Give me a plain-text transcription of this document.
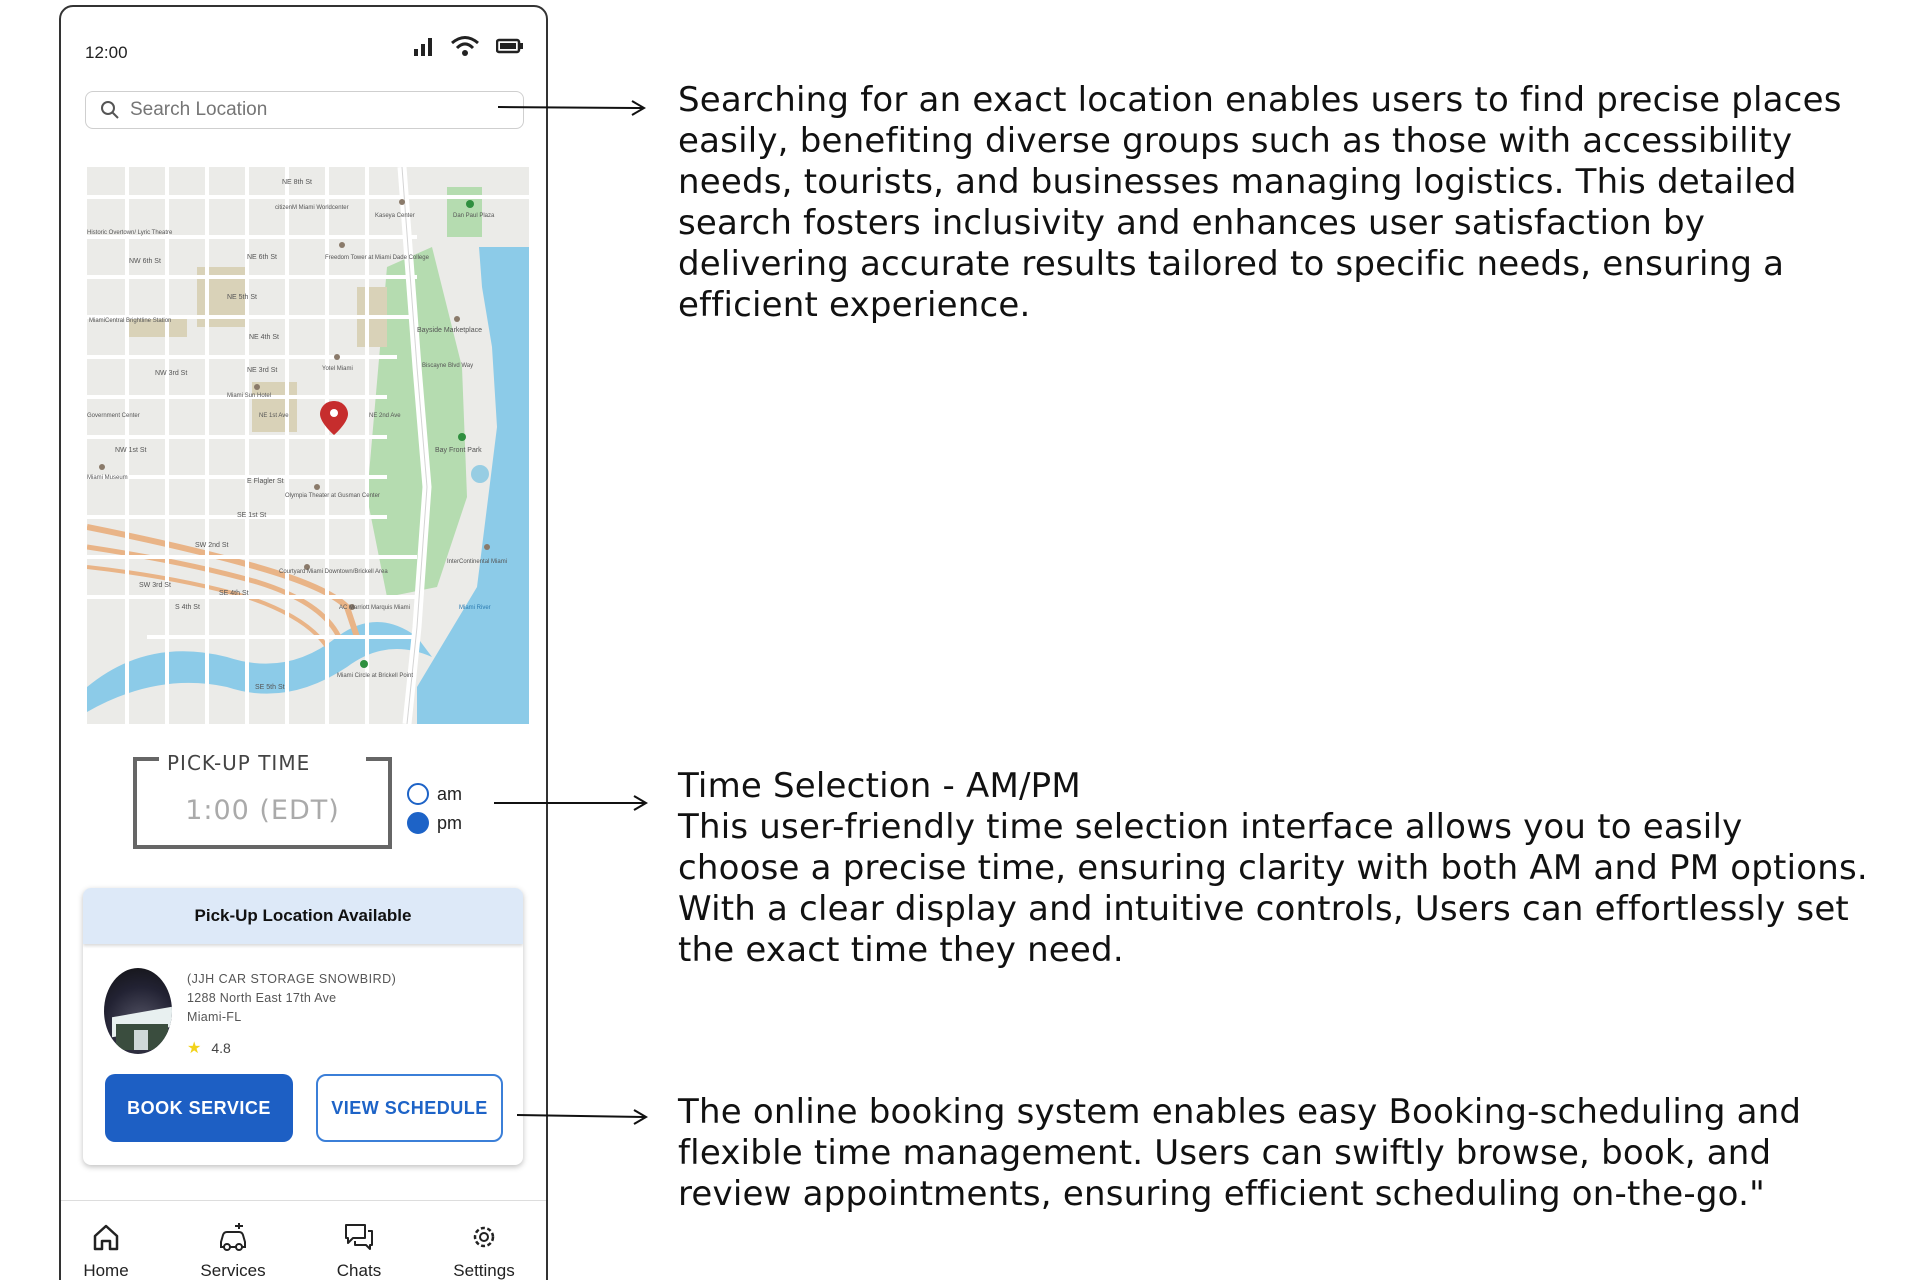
12:00
Search Location
NE 8th St
NE 6th St
NW 6th St
NE 5th St
NE 4th St
NW 3rd St	NE 3rd St
NW 1st St
E Flagler St
SE 1st St
SW 2nd St
SW 3rd St
SE 4th St
S 4th St
SE 5th St
Bay Front Park
Bayside Marketplace
Freedom Tower at Miami Dade College
Kaseya Center	Dan Paul Plaza
MiamiCentral Brightline Station
Government Center
Miami Museum
Olympia Theater at Gusman Center
Courtyard Miami Downtown/Brickell Area
AC Marriott Marquis Miami
Miami Circle at Brickell Point
InterContinental Miami
Miami River
citizenM Miami Worldcenter
Yotel Miami
Miami Sun Hotel
Historic Overtown/ Lyric Theatre
Biscayne Blvd Way
NE 1st Ave	NE 2nd Ave
PICK-UP TIME
1:00 (EDT)
am
pm
Pick-Up Location Available
(JJH CAR STORAGE SNOWBIRD)
1288 North East 17th Ave
Miami-FL
★ 4.8
BOOK SERVICE	VIEW SCHEDULE
Home	Services	Chats	Settings
Searching for an exact location enables users to find precise places
easily, benefiting diverse groups such as those with accessibility
needs, tourists, and businesses managing logistics. This detailed
search fosters inclusivity and enhances user satisfaction by
delivering accurate results tailored to specific needs, ensuring a
efficient experience.
Time Selection - AM/PM
This user-friendly time selection interface allows you to easily
choose a precise time, ensuring clarity with both AM and PM options.
With a clear display and intuitive controls, Users can effortlessly set
the exact time they need.
The online booking system enables easy Booking-scheduling and
flexible time management. Users can swiftly browse, book, and
review appointments, ensuring efficient scheduling on-the-go."
